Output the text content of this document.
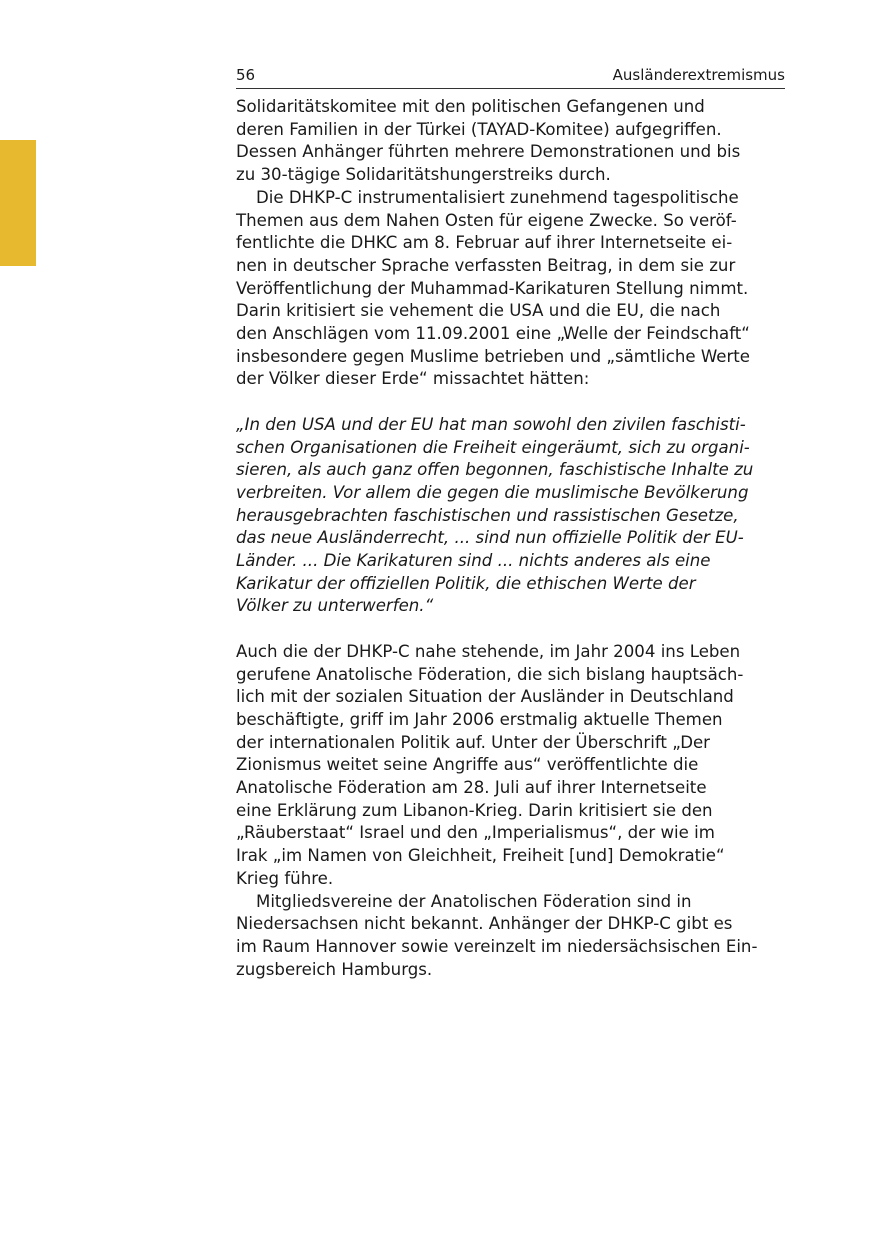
56	Ausländerextremismus

Solidaritätskomitee mit den politischen Gefangenen und
deren Familien in der Türkei (TAYAD-Komitee) aufgegriffen.
Dessen Anhänger führten mehrere Demonstrationen und bis
zu 30-tägige Solidaritätshungerstreiks durch.

Die DHKP-C instrumentalisiert zunehmend tagespolitische
Themen aus dem Nahen Osten für eigene Zwecke. So veröf-
fentlichte die DHKC am 8. Februar auf ihrer Internetseite ei-
nen in deutscher Sprache verfassten Beitrag, in dem sie zur
Veröffentlichung der Muhammad-Karikaturen Stellung nimmt.
Darin kritisiert sie vehement die USA und die EU, die nach
den Anschlägen vom 11.09.2001 eine „Welle der Feindschaft“
insbesondere gegen Muslime betrieben und „sämtliche Werte
der Völker dieser Erde“ missachtet hätten:

„In den USA und der EU hat man sowohl den zivilen faschisti-
schen Organisationen die Freiheit eingeräumt, sich zu organi-
sieren, als auch ganz offen begonnen, faschistische Inhalte zu
verbreiten. Vor allem die gegen die muslimische Bevölkerung
herausgebrachten faschistischen und rassistischen Gesetze,
das neue Ausländerrecht, ... sind nun offizielle Politik der EU-
Länder. ... Die Karikaturen sind ... nichts anderes als eine
Karikatur der offiziellen Politik, die ethischen Werte der
Völker zu unterwerfen.“

Auch die der DHKP-C nahe stehende, im Jahr 2004 ins Leben
gerufene Anatolische Föderation, die sich bislang hauptsäch-
lich mit der sozialen Situation der Ausländer in Deutschland
beschäftigte, griff im Jahr 2006 erstmalig aktuelle Themen
der internationalen Politik auf. Unter der Überschrift „Der
Zionismus weitet seine Angriffe aus“ veröffentlichte die
Anatolische Föderation am 28. Juli auf ihrer Internetseite
eine Erklärung zum Libanon-Krieg. Darin kritisiert sie den
„Räuberstaat“ Israel und den „Imperialismus“, der wie im
Irak „im Namen von Gleichheit, Freiheit [und] Demokratie“
Krieg führe.

Mitgliedsvereine der Anatolischen Föderation sind in
Niedersachsen nicht bekannt. Anhänger der DHKP-C gibt es
im Raum Hannover sowie vereinzelt im niedersächsischen Ein-
zugsbereich Hamburgs.
